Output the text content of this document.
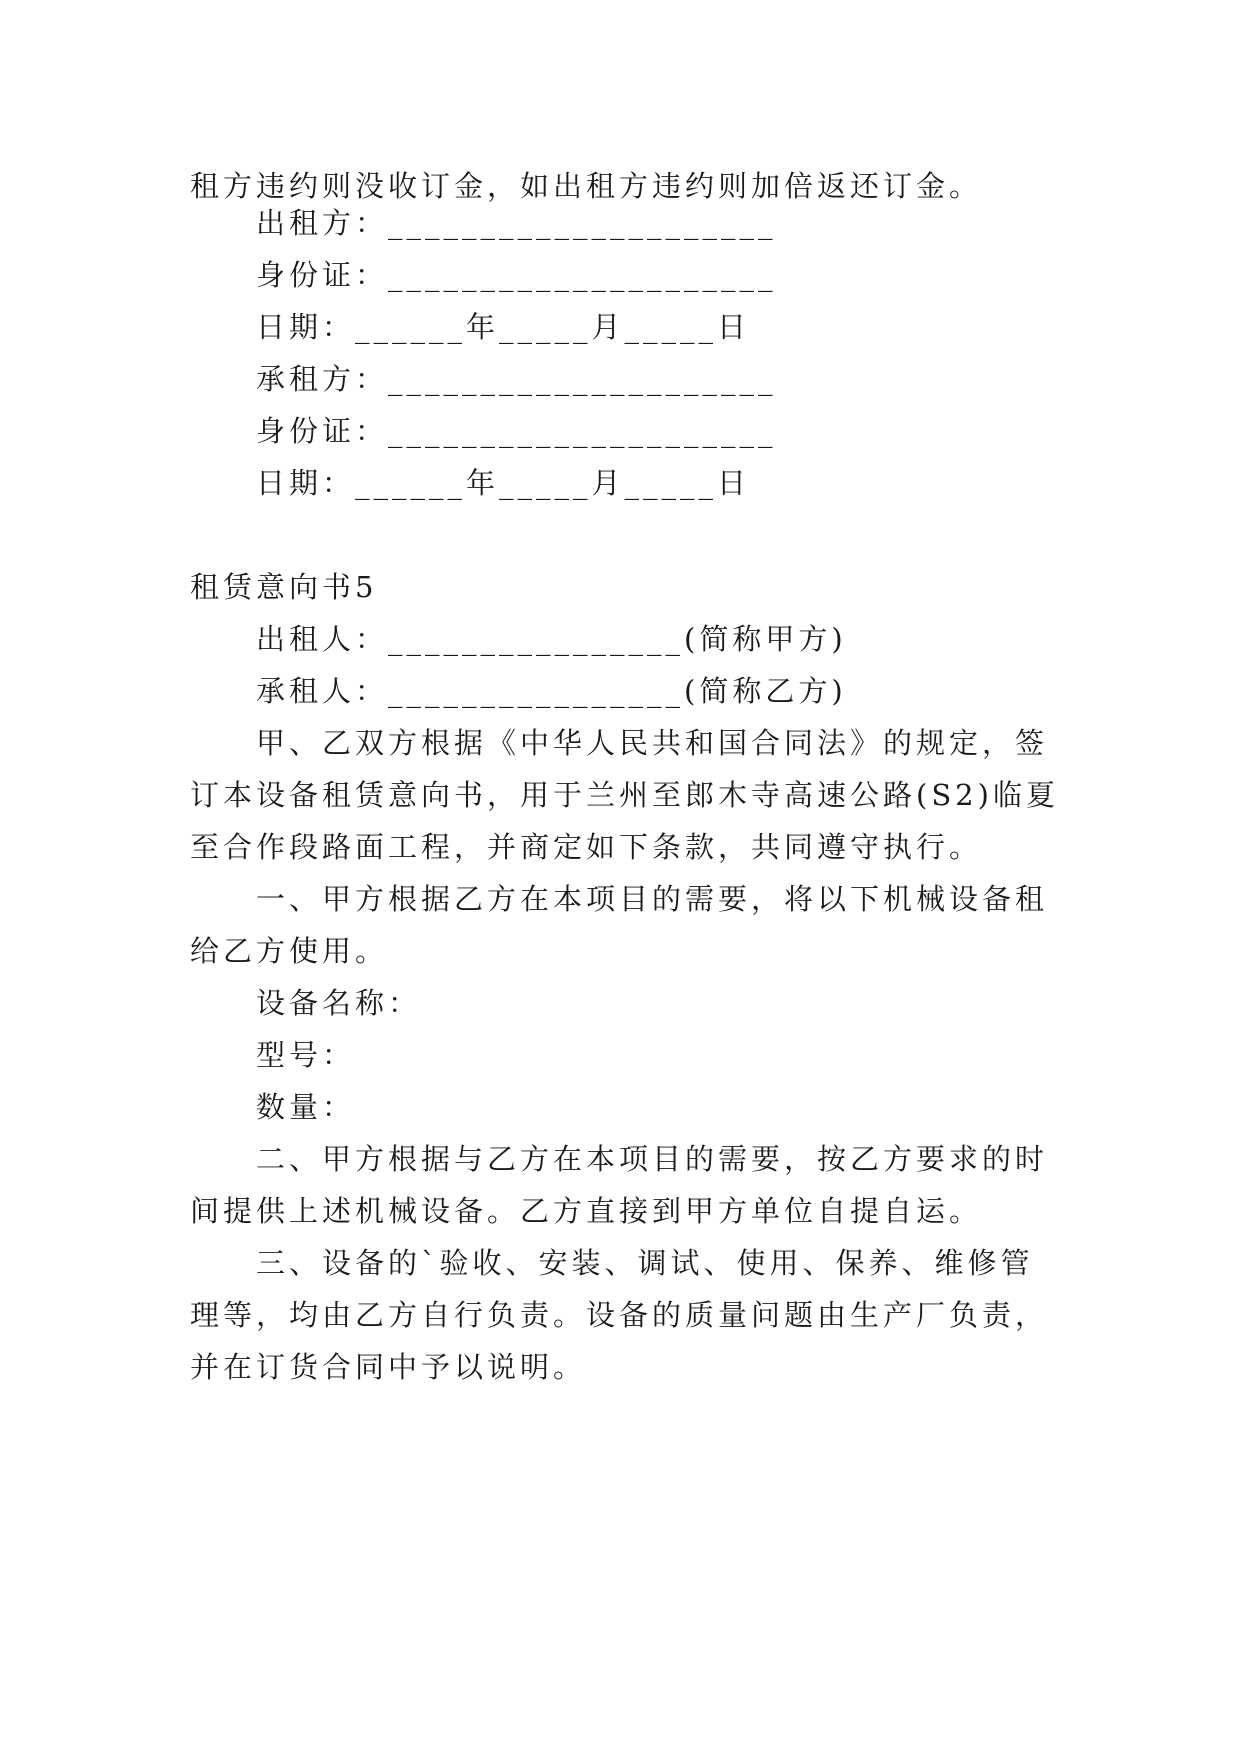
租方违约则没收订金，如出租方违约则加倍返还订金。
出租方：_____________________
身份证：_____________________
日期：______年_____月_____日
承租方：_____________________
身份证：_____________________
日期：______年_____月_____日
租赁意向书5
出租人：________________(简称甲方)
承租人：________________(简称乙方)
甲、乙双方根据《中华人民共和国合同法》的规定，签
订本设备租赁意向书，用于兰州至郎木寺高速公路(S2)临夏
至合作段路面工程，并商定如下条款，共同遵守执行。
一、甲方根据乙方在本项目的需要，将以下机械设备租
给乙方使用。
设备名称：
型号：
数量：
二、甲方根据与乙方在本项目的需要，按乙方要求的时
间提供上述机械设备。乙方直接到甲方单位自提自运。
三、设备的`验收、安装、调试、使用、保养、维修管
理等，均由乙方自行负责。设备的质量问题由生产厂负责，
并在订货合同中予以说明。
